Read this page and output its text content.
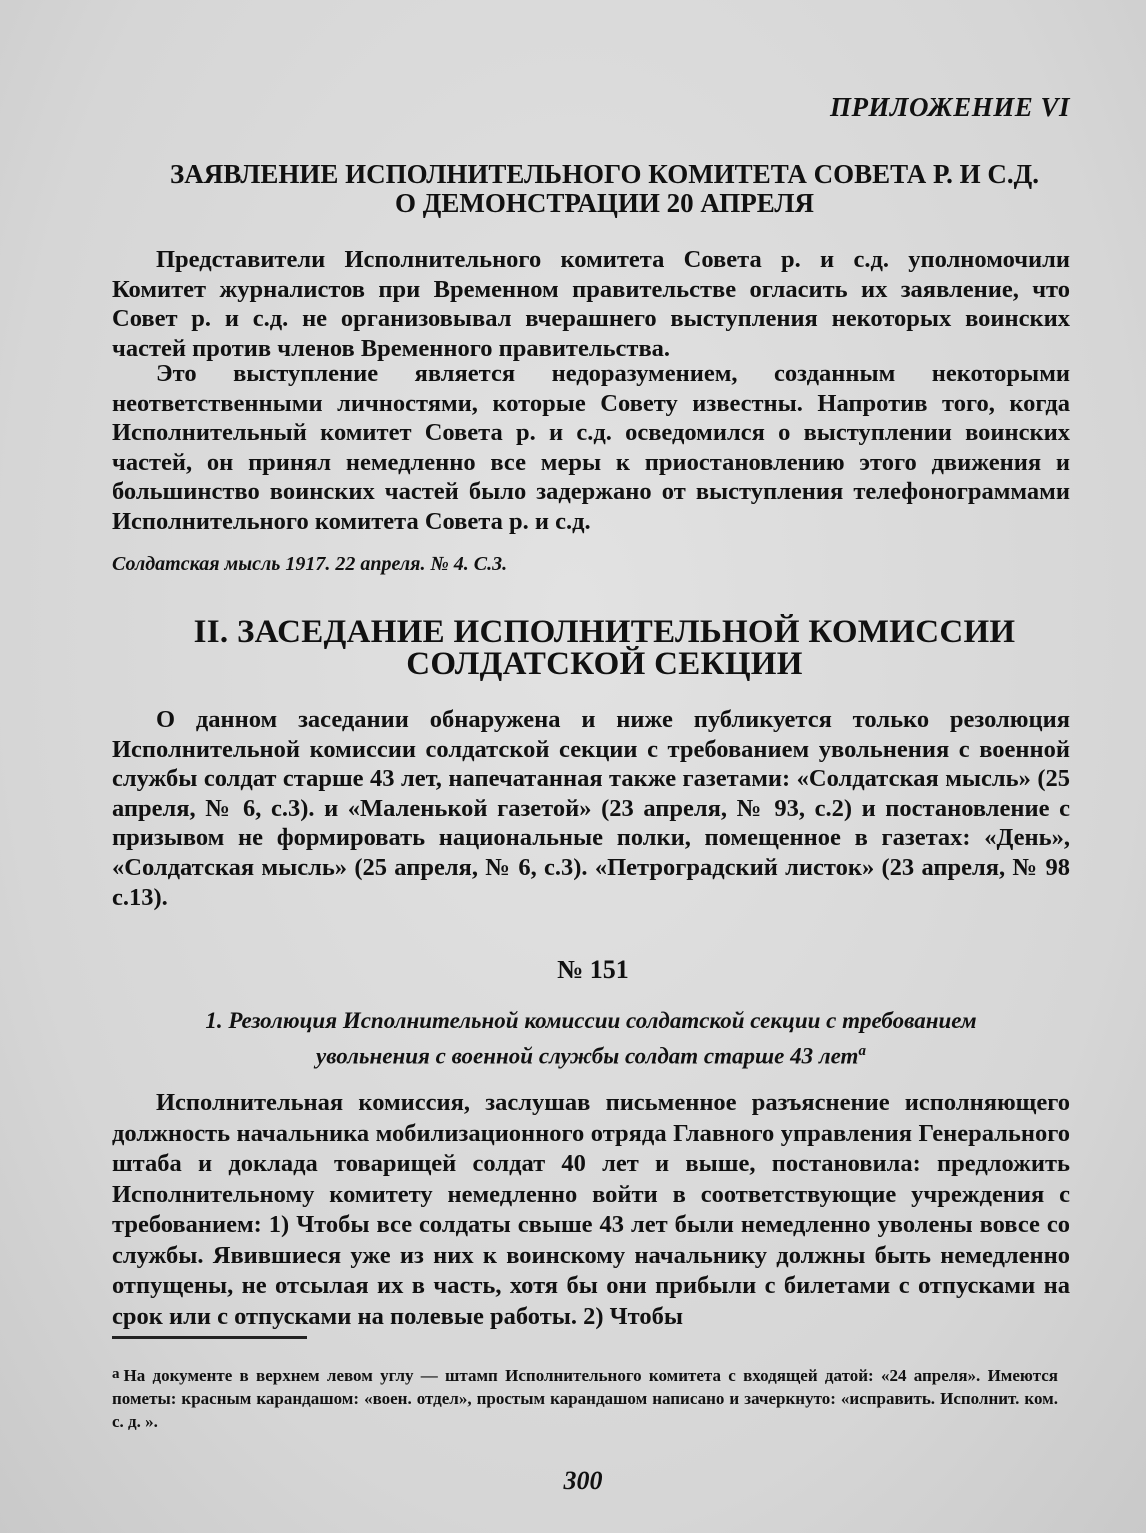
ПРИЛОЖЕНИЕ VI
ЗАЯВЛЕНИЕ ИСПОЛНИТЕЛЬНОГО КОМИТЕТА СОВЕТА Р. И С.Д.
О ДЕМОНСТРАЦИИ 20 АПРЕЛЯ

Представители Исполнительного комитета Совета р. и с.д. уполномочили Комитет журналистов при Временном правительстве огласить их заявление, что Совет р. и с.д. не организовывал вчерашнего выступления некоторых воинских частей против членов Временного правительства.

Это выступление является недоразумением, созданным некоторыми неответственными личностями, которые Совету известны. Напротив того, когда Исполнительный комитет Совета р. и с.д. осведомился о выступлении воинских частей, он принял немедленно все меры к приостановлению этого движения и большинство воинских частей было задержано от выступления телефонограммами Исполнительного комитета Совета р. и с.д.

Солдатская мысль 1917. 22 апреля. № 4. С.3.
II. ЗАСЕДАНИЕ ИСПОЛНИТЕЛЬНОЙ КОМИССИИ
СОЛДАТСКОЙ СЕКЦИИ

О данном заседании обнаружена и ниже публикуется только резолюция Исполнительной комиссии солдатской секции с требованием увольнения с военной службы солдат старше 43 лет, напечатанная также газетами: «Солдатская мысль» (25 апреля, № 6, с.3). и «Маленькой газетой» (23 апреля, № 93, с.2) и постановление с призывом не формировать национальные полки, помещенное в газетах: «День», «Солдатская мысль» (25 апреля, № 6, с.3). «Петроградский листок» (23 апреля, № 98 с.13).

№ 151
1. Резолюция Исполнительной комиссии солдатской секции с требованием
увольнения с военной службы солдат старше 43 лет$^а$

Исполнительная комиссия, заслушав письменное разъяснение исполняющего должность начальника мобилизационного отряда Главного управления Генерального штаба и доклада товарищей солдат 40 лет и выше, постановила: предложить Исполнительному комитету немедленно войти в соответствующие учреждения с требованием: 1) Чтобы все солдаты свыше 43 лет были немедленно уволены вовсе со службы. Явившиеся уже из них к воинскому начальнику должны быть немедленно отпущены, не отсылая их в часть, хотя бы они прибыли с билетами с отпусками на срок или с отпусками на полевые работы. 2) Чтобы

а На документе в верхнем левом углу — штамп Исполнительного комитета с входящей датой: «24 апреля». Имеются пометы: красным карандашом: «воен. отдел», простым карандашом написано и зачеркнуто: «исправить. Исполнит. ком. с. д. ».
300
